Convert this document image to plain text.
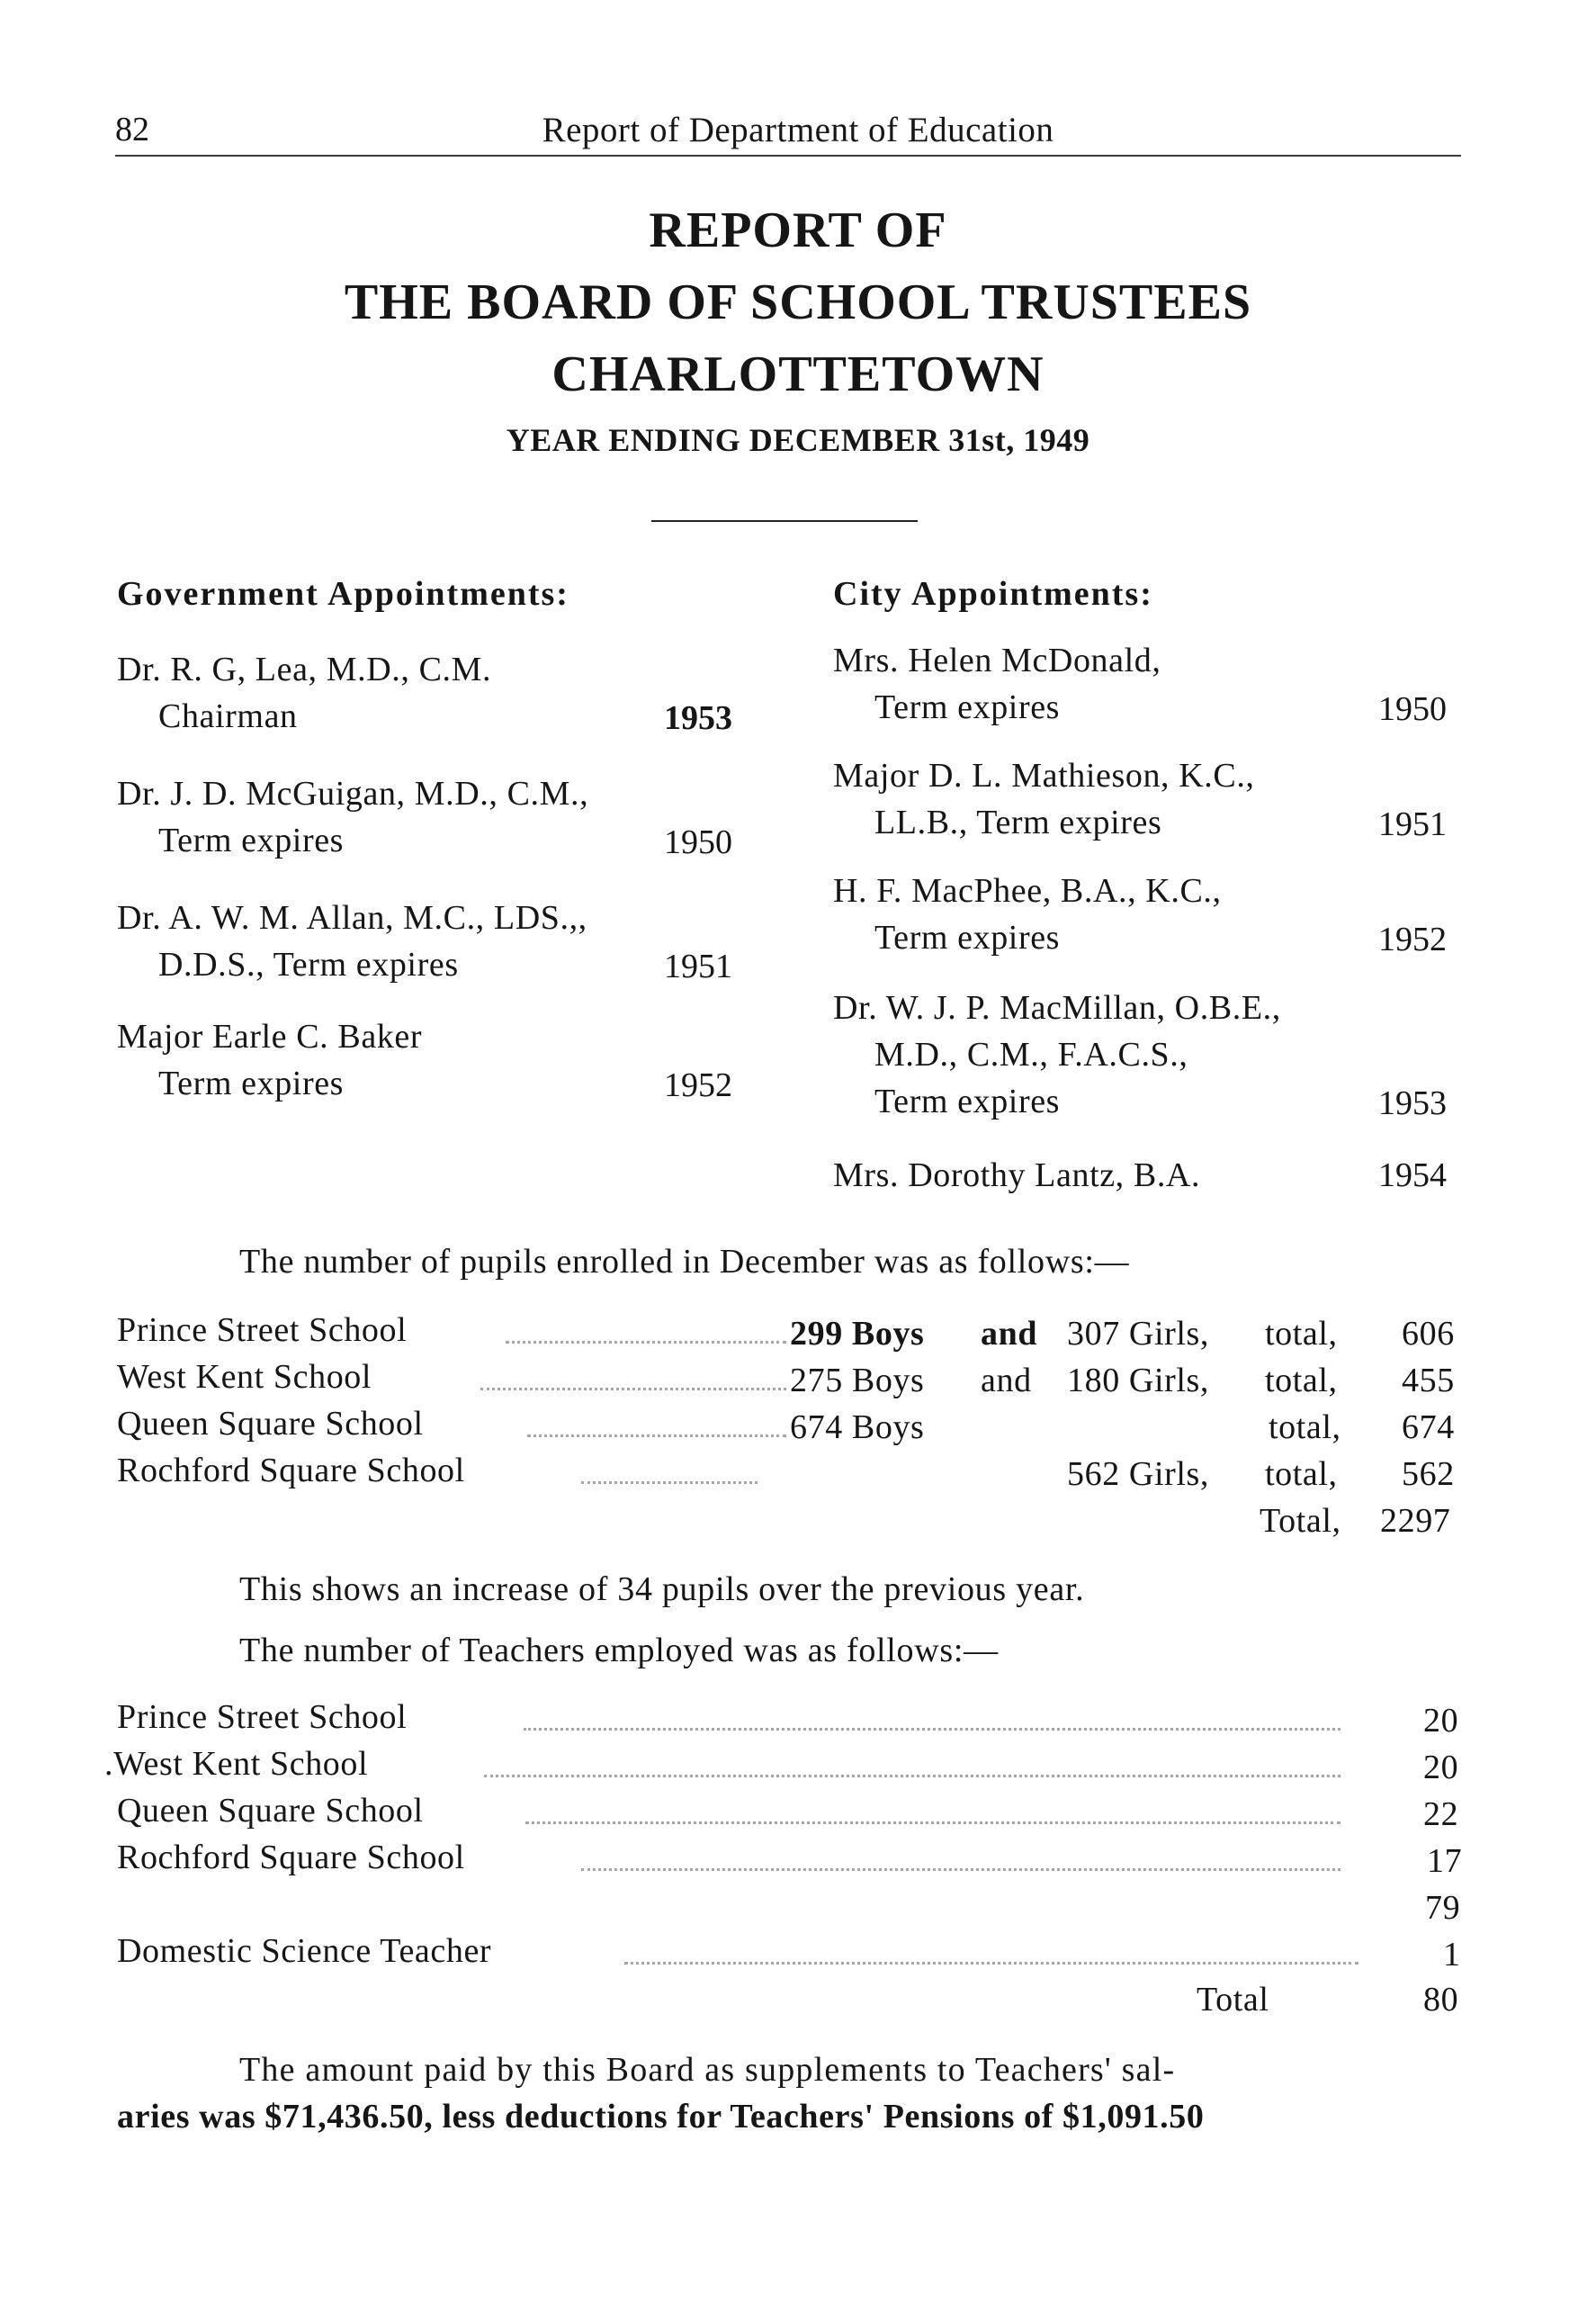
82	Report of Department of Education
REPORT OF
THE BOARD OF SCHOOL TRUSTEES
CHARLOTTETOWN
YEAR ENDING DECEMBER 31st, 1949
Government Appointments:
Dr. R. G, Lea, M.D., C.M.
Chairman	1953
Dr. J. D. McGuigan, M.D., C.M.,
Term expires	1950
Dr. A. W. M. Allan, M.C., LDS.,,
D.D.S., Term expires	1951
Major Earle C. Baker
Term expires	1952
City Appointments:
Mrs. Helen McDonald,
Term expires	1950
Major D. L. Mathieson, K.C.,
LL.B., Term expires	1951
H. F. MacPhee, B.A., K.C.,
Term expires	1952
Dr. W. J. P. MacMillan, O.B.E.,
M.D., C.M., F.A.C.S.,
Term expires	1953
Mrs. Dorothy Lantz, B.A.	1954
The number of pupils enrolled in December was as follows:—
Prince Street School	299 Boys and 307 Girls, total, 606
West Kent School	275 Boys and 180 Girls, total, 455
Queen Square School	674 Boys	total, 674
Rochford Square School	562 Girls, total, 562
Total, 2297
This shows an increase of 34 pupils over the previous year.
The number of Teachers employed was as follows:—
Prince Street School	20
.West Kent School	20
Queen Square School	22
Rochford Square School	17
79
Domestic Science Teacher	1
Total	80
The amount paid by this Board as supplements to Teachers' sal-
aries was $71,436.50, less deductions for Teachers' Pensions of $1,091.50
